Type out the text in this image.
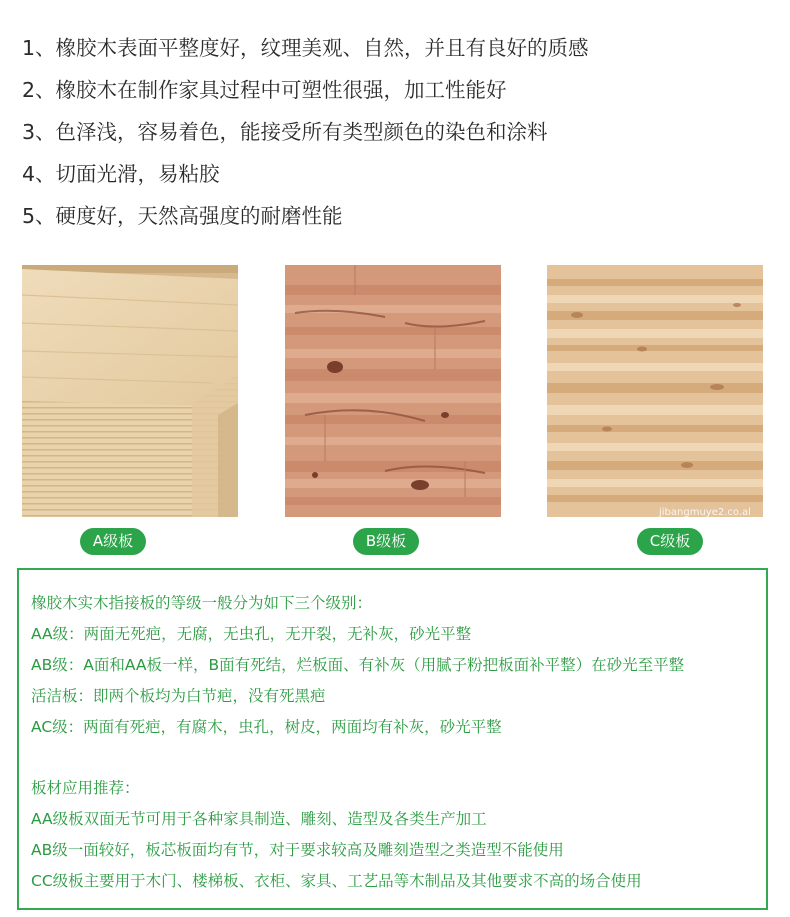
1、橡胶木表面平整度好，纹理美观、自然，并且有良好的质感
2、橡胶木在制作家具过程中可塑性很强，加工性能好
3、色泽浅，容易着色，能接受所有类型颜色的染色和涂料
4、切面光滑，易粘胶
5、硬度好，天然高强度的耐磨性能
A级板	B级板
jibangmuye2.co.al
C级板
橡胶木实木指接板的等级一般分为如下三个级别：
AA级：两面无死疤，无腐，无虫孔，无开裂，无补灰，砂光平整
AB级：A面和AA板一样，B面有死结，烂板面、有补灰（用腻子粉把板面补平整）在砂光至平整
活洁板：即两个板均为白节疤，没有死黑疤
AC级：两面有死疤，有腐木，虫孔，树皮，两面均有补灰，砂光平整
板材应用推荐：
AA级板双面无节可用于各种家具制造、雕刻、造型及各类生产加工
AB级一面较好，板芯板面均有节，对于要求较高及雕刻造型之类造型不能使用
CC级板主要用于木门、楼梯板、衣柜、家具、工艺品等木制品及其他要求不高的场合使用
